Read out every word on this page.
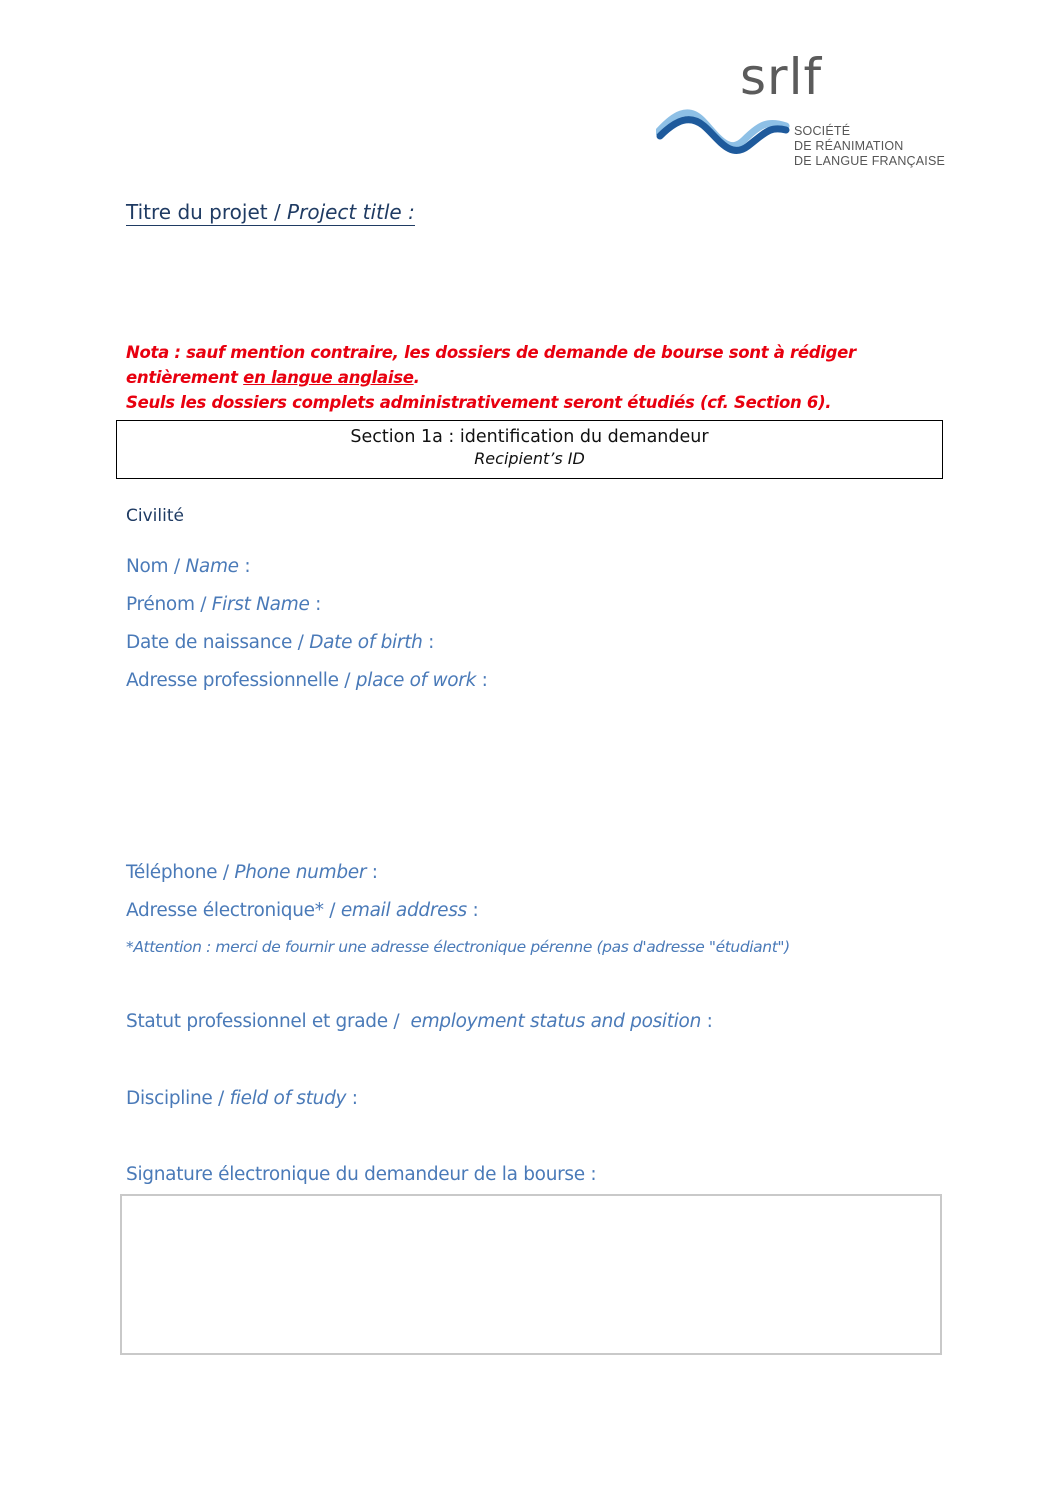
srlf
SOCIÉTÉ
DE RÉANIMATION
DE LANGUE FRANÇAISE
Titre du projet / Project title :
Nota : sauf mention contraire, les dossiers de demande de bourse sont à rédiger
entièrement en langue anglaise.
Seuls les dossiers complets administrativement seront étudiés (cf. Section 6).
Section 1a : identification du demandeur
Recipient’s ID
Civilité
Nom / Name :
Prénom / First Name :
Date de naissance / Date of birth :
Adresse professionnelle / place of work :
Téléphone / Phone number :
Adresse électronique* / email address :
*Attention : merci de fournir une adresse électronique pérenne (pas d'adresse "étudiant")
Statut professionnel et grade /  employment status and position :
Discipline / field of study :
Signature électronique du demandeur de la bourse :
